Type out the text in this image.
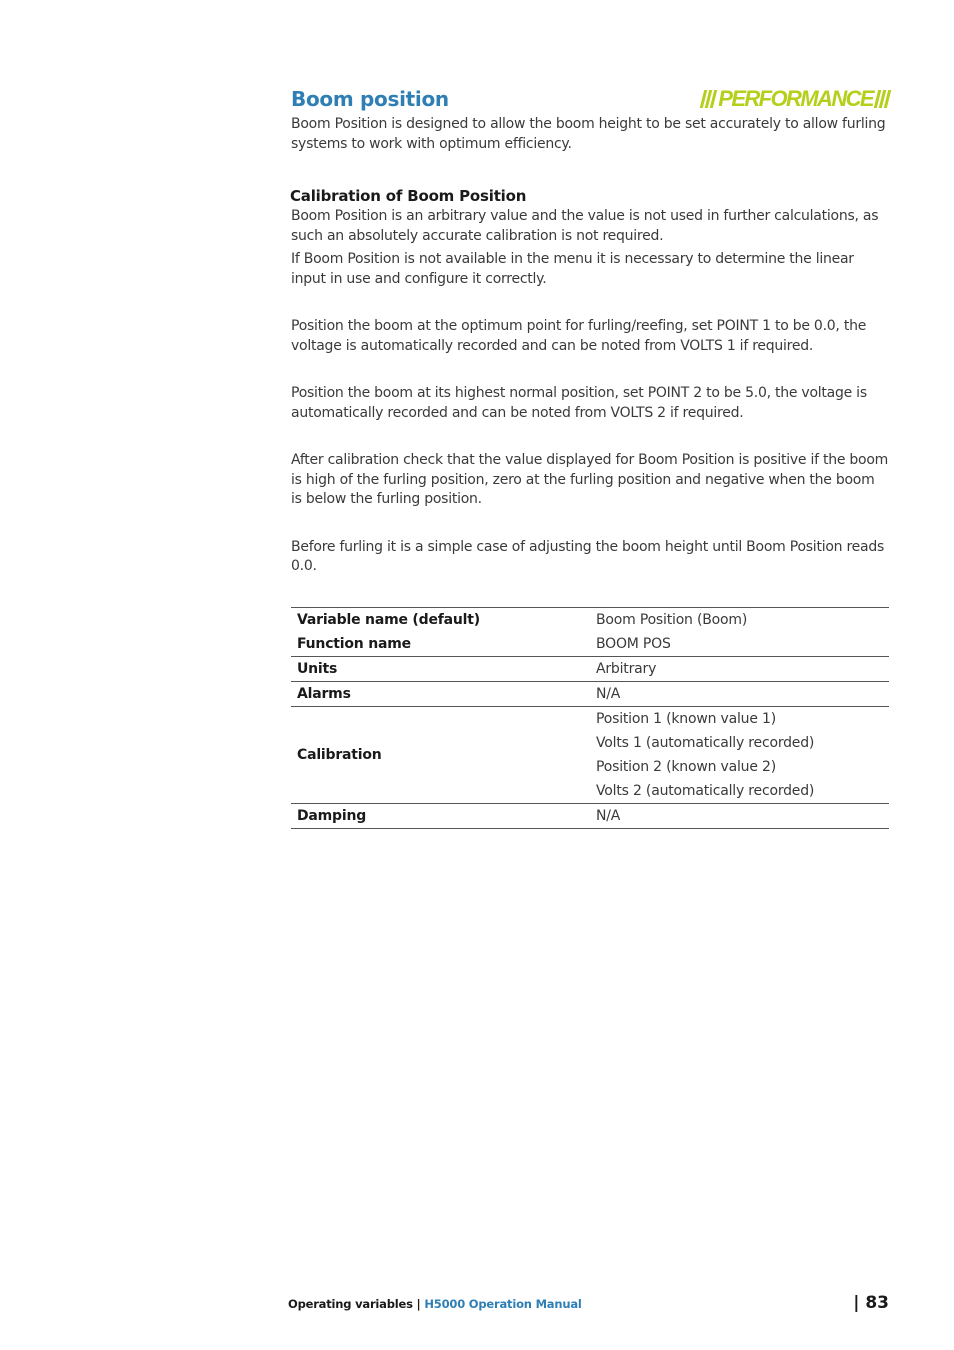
Boom position	PERFORMANCE

Boom Position is designed to allow the boom height to be set accurately to allow furling systems to work with optimum efficiency.

Calibration of Boom Position

Boom Position is an arbitrary value and the value is not used in further calculations, as such an absolutely accurate calibration is not required.

If Boom Position is not available in the menu it is necessary to determine the linear input in use and configure it correctly.

Position the boom at the optimum point for furling/reefing, set POINT 1 to be 0.0, the voltage is automatically recorded and can be noted from VOLTS 1 if required.

Position the boom at its highest normal position, set POINT 2 to be 5.0, the voltage is automatically recorded and can be noted from VOLTS 2 if required.

After calibration check that the value displayed for Boom Position is positive if the boom is high of the furling position, zero at the furling position and negative when the boom is below the furling position.

Before furling it is a simple case of adjusting the boom height until Boom Position reads 0.0.

Variable name (default)	Boom Position (Boom)
Function name	BOOM POS
Units	Arbitrary
Alarms	N/A
Calibration	Position 1 (known value 1)
	Volts 1 (automatically recorded)
	Position 2 (known value 2)
	Volts 2 (automatically recorded)
Damping	N/A
Operating variables | H5000 Operation Manual	| 83
